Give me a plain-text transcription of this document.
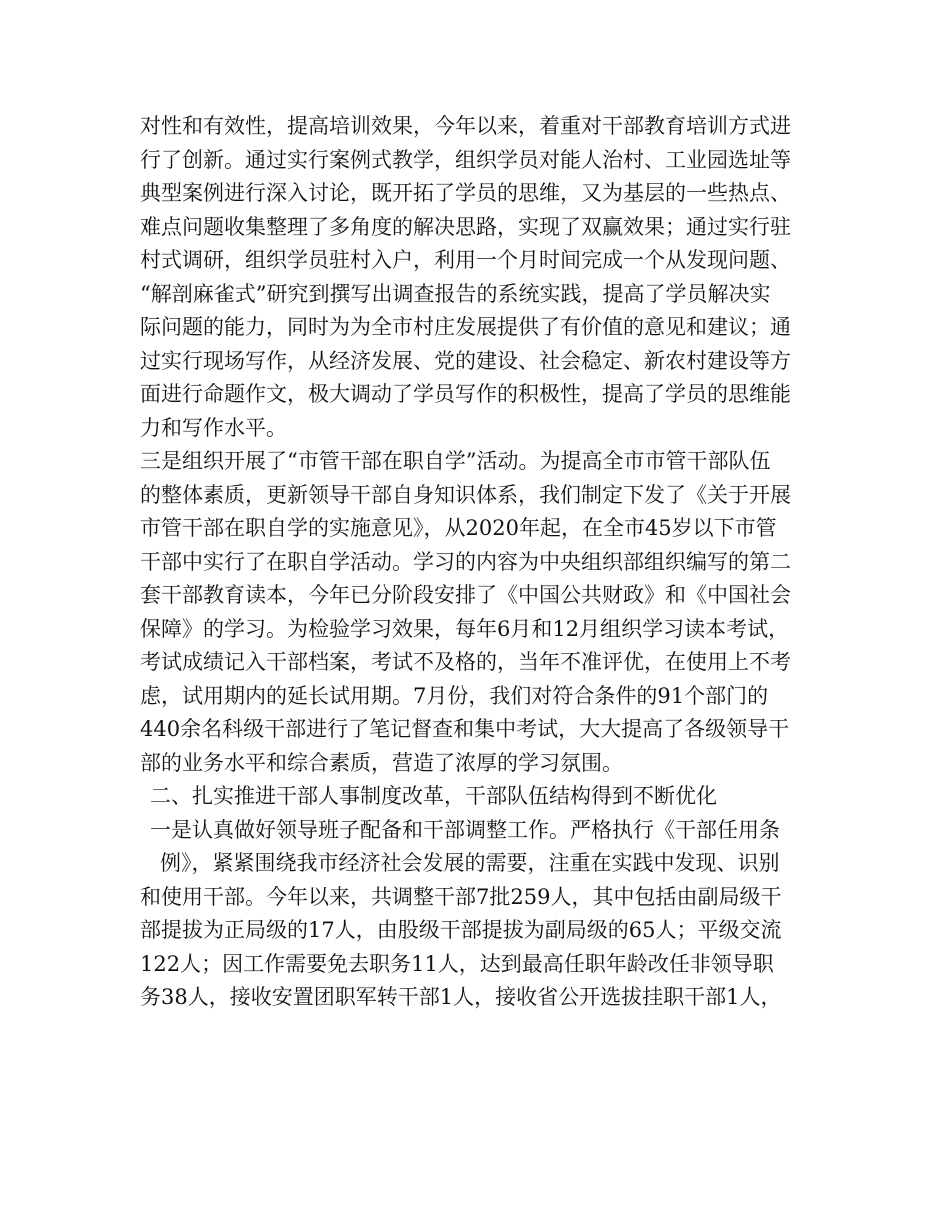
对性和有效性，提高培训效果，今年以来，着重对干部教育培训方式进
行了创新。通过实行案例式教学，组织学员对能人治村、工业园选址等
典型案例进行深入讨论，既开拓了学员的思维，又为基层的一些热点、
难点问题收集整理了多角度的解决思路，实现了双赢效果；通过实行驻
村式调研，组织学员驻村入户，利用一个月时间完成一个从发现问题、
“解剖麻雀式”研究到撰写出调查报告的系统实践，提高了学员解决实
际问题的能力，同时为为全市村庄发展提供了有价值的意见和建议；通
过实行现场写作，从经济发展、党的建设、社会稳定、新农村建设等方
面进行命题作文，极大调动了学员写作的积极性，提高了学员的思维能
力和写作水平。
三是组织开展了“市管干部在职自学”活动。为提高全市市管干部队伍
的整体素质，更新领导干部自身知识体系，我们制定下发了《关于开展
市管干部在职自学的实施意见》，从2020年起，在全市45岁以下市管
干部中实行了在职自学活动。学习的内容为中央组织部组织编写的第二
套干部教育读本，今年已分阶段安排了《中国公共财政》和《中国社会
保障》的学习。为检验学习效果，每年6月和12月组织学习读本考试，
考试成绩记入干部档案，考试不及格的，当年不准评优，在使用上不考
虑，试用期内的延长试用期。7月份，我们对符合条件的91个部门的
440余名科级干部进行了笔记督查和集中考试，大大提高了各级领导干
部的业务水平和综合素质，营造了浓厚的学习氛围。
二、扎实推进干部人事制度改革，干部队伍结构得到不断优化
一是认真做好领导班子配备和干部调整工作。严格执行《干部任用条
例》，紧紧围绕我市经济社会发展的需要，注重在实践中发现、识别
和使用干部。今年以来，共调整干部7批259人，其中包括由副局级干
部提拔为正局级的17人，由股级干部提拔为副局级的65人；平级交流
122人；因工作需要免去职务11人，达到最高任职年龄改任非领导职
务38人，接收安置团职军转干部1人，接收省公开选拔挂职干部1人，
